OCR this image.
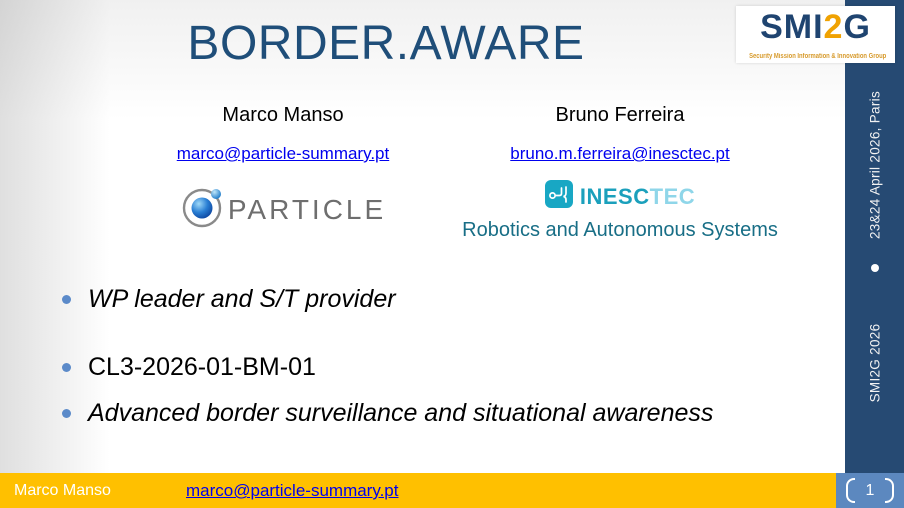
BORDER.AWARE
23&24 April 2026, Paris
SMI2G 2026
SMI2G
Security Mission Information & Innovation Group
Marco Manso
marco@particle-summary.pt
PARTICLE
Bruno Ferreira
bruno.m.ferreira@inesctec.pt
INESCTEC
Robotics and Autonomous Systems
WP leader and S/T provider
CL3-2026-01-BM-01
Advanced border surveillance and situational awareness
Marco Manso	marco@particle-summary.pt	1
